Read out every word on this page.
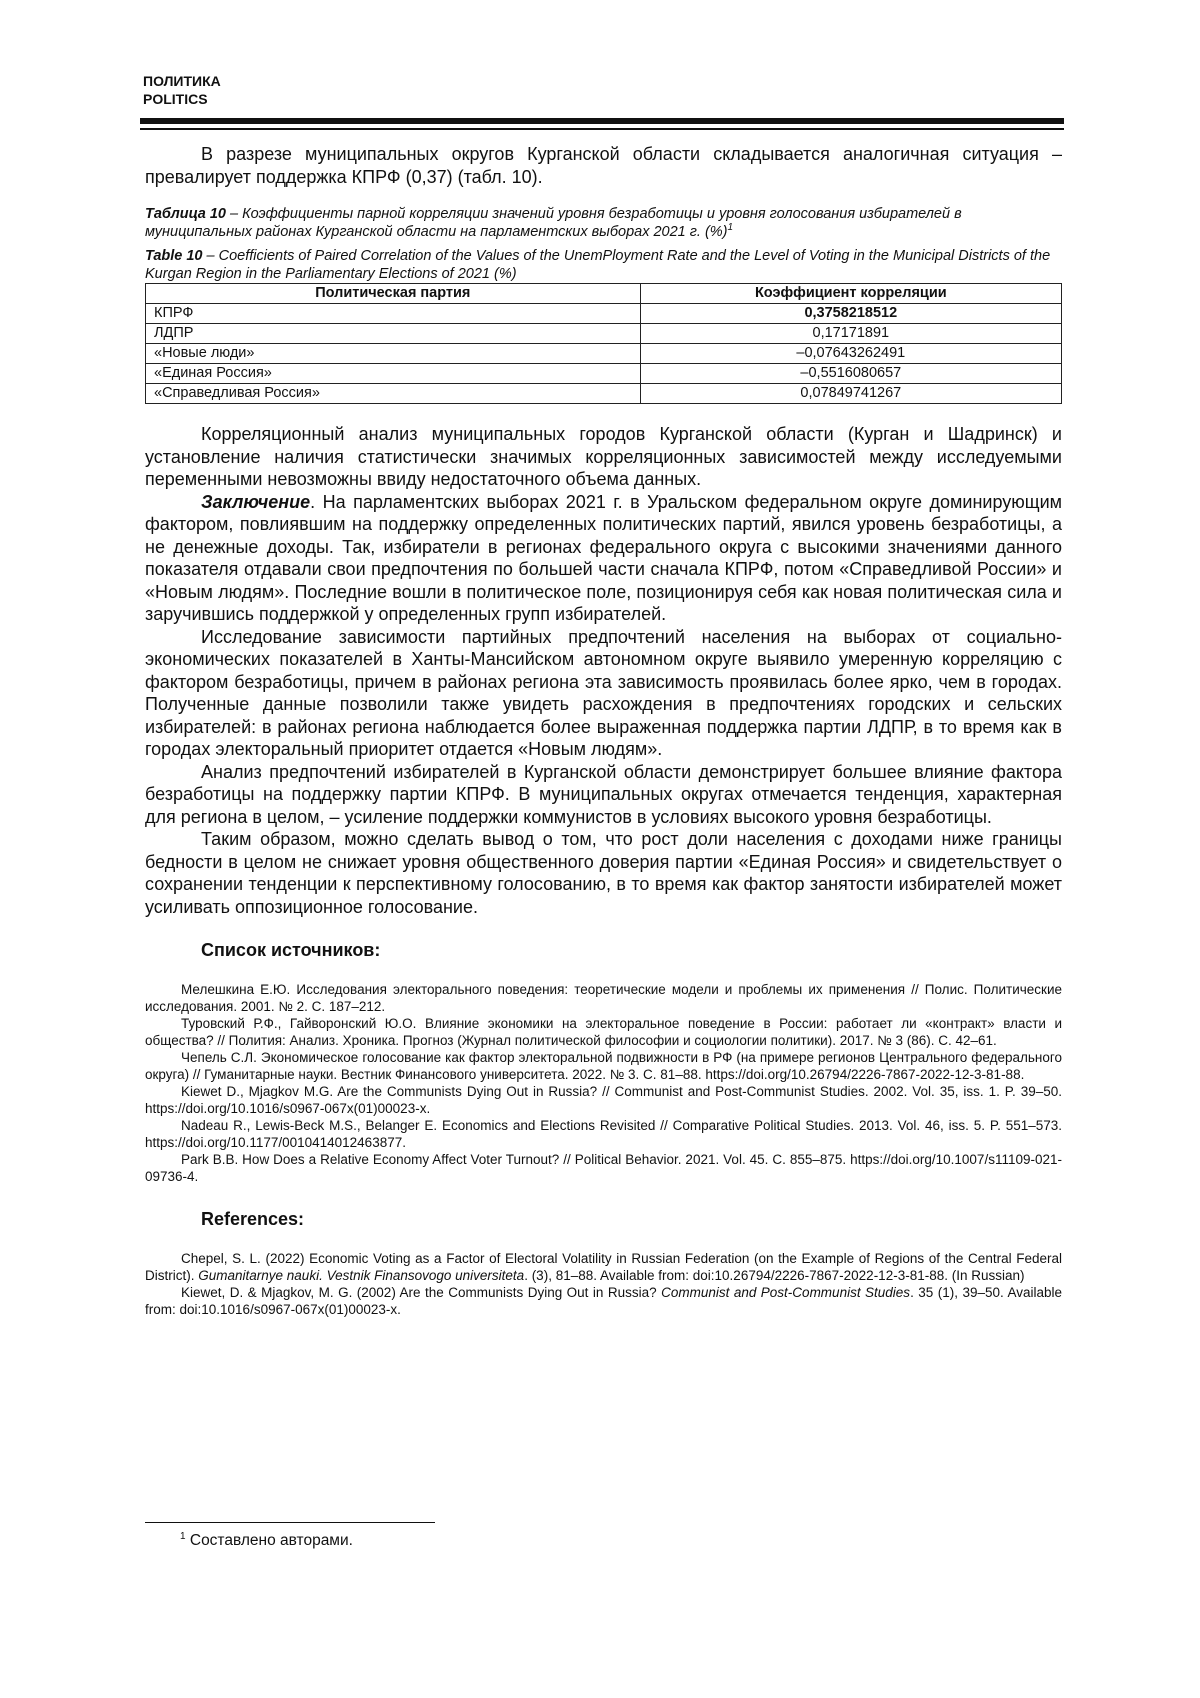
ПОЛИТИКА
POLITICS

В разрезе муниципальных округов Курганской области складывается аналогичная ситуация – превалирует поддержка КПРФ (0,37) (табл. 10).

Таблица 10 – Коэффициенты парной корреляции значений уровня безработицы и уровня голосования избирателей в муниципальных районах Курганской области на парламентских выборах 2021 г. (%)$^1$

Table 10 – Coefficients of Paired Correlation of the Values of the UnemPloyment Rate and the Level of Voting in the Municipal Districts of the Kurgan Region in the Parliamentary Elections of 2021 (%)

Политическая партия	Коэффициент корреляции
КПРФ	0,3758218512
ЛДПР	0,17171891
«Новые люди»	–0,07643262491
«Единая Россия»	–0,5516080657
«Справедливая Россия»	0,07849741267

Корреляционный анализ муниципальных городов Курганской области (Курган и Шадринск) и установление наличия статистически значимых корреляционных зависимостей между исследуемыми переменными невозможны ввиду недостаточного объема данных.

Заключение. На парламентских выборах 2021 г. в Уральском федеральном округе доминирующим фактором, повлиявшим на поддержку определенных политических партий, явился уровень безработицы, а не денежные доходы. Так, избиратели в регионах федерального округа с высокими значениями данного показателя отдавали свои предпочтения по большей части сначала КПРФ, потом «Справедливой России» и «Новым людям». Последние вошли в политическое поле, позиционируя себя как новая политическая сила и заручившись поддержкой у определенных групп избирателей.

Исследование зависимости партийных предпочтений населения на выборах от социально-экономических показателей в Ханты-Мансийском автономном округе выявило умеренную корреляцию с фактором безработицы, причем в районах региона эта зависимость проявилась более ярко, чем в городах. Полученные данные позволили также увидеть расхождения в предпочтениях городских и сельских избирателей: в районах региона наблюдается более выраженная поддержка партии ЛДПР, в то время как в городах электоральный приоритет отдается «Новым людям».

Анализ предпочтений избирателей в Курганской области демонстрирует большее влияние фактора безработицы на поддержку партии КПРФ. В муниципальных округах отмечается тенденция, характерная для региона в целом, – усиление поддержки коммунистов в условиях высокого уровня безработицы.

Таким образом, можно сделать вывод о том, что рост доли населения с доходами ниже границы бедности в целом не снижает уровня общественного доверия партии «Единая Россия» и свидетельствует о сохранении тенденции к перспективному голосованию, в то время как фактор занятости избирателей может усиливать оппозиционное голосование.

Список источников:

Мелешкина Е.Ю. Исследования электорального поведения: теоретические модели и проблемы их применения // Полис. Политические исследования. 2001. № 2. С. 187–212.

Туровский Р.Ф., Гайворонский Ю.О. Влияние экономики на электоральное поведение в России: работает ли «контракт» власти и общества? // Полития: Анализ. Хроника. Прогноз (Журнал политической философии и социологии политики). 2017. № 3 (86). С. 42–61.

Чепель С.Л. Экономическое голосование как фактор электоральной подвижности в РФ (на примере регионов Центрального федерального округа) // Гуманитарные науки. Вестник Финансового университета. 2022. № 3. С. 81–88. https://doi.org/10.26794/2226-7867-2022-12-3-81-88.

Kiewet D., Mjagkov M.G. Are the Communists Dying Out in Russia? // Communist and Post-Communist Studies. 2002. Vol. 35, iss. 1. P. 39–50. https://doi.org/10.1016/s0967-067x(01)00023-x.

Nadeau R., Lewis-Beck M.S., Belanger E. Economics and Elections Revisited // Comparative Political Studies. 2013. Vol. 46, iss. 5. P. 551–573. https://doi.org/10.1177/0010414012463877.

Park B.B. How Does a Relative Economy Affect Voter Turnout? // Political Behavior. 2021. Vol. 45. С. 855–875. https://doi.org/10.1007/s11109-021-09736-4.

References:

Chepel, S. L. (2022) Economic Voting as a Factor of Electoral Volatility in Russian Federation (on the Example of Regions of the Central Federal District). Gumanitarnye nauki. Vestnik Finansovogo universiteta. (3), 81–88. Available from: doi:10.26794/2226-7867-2022-12-3-81-88. (In Russian)

Kiewet, D. & Mjagkov, M. G. (2002) Are the Communists Dying Out in Russia? Communist and Post-Communist Studies. 35 (1), 39–50. Available from: doi:10.1016/s0967-067x(01)00023-x.

$^1$ Составлено авторами.
